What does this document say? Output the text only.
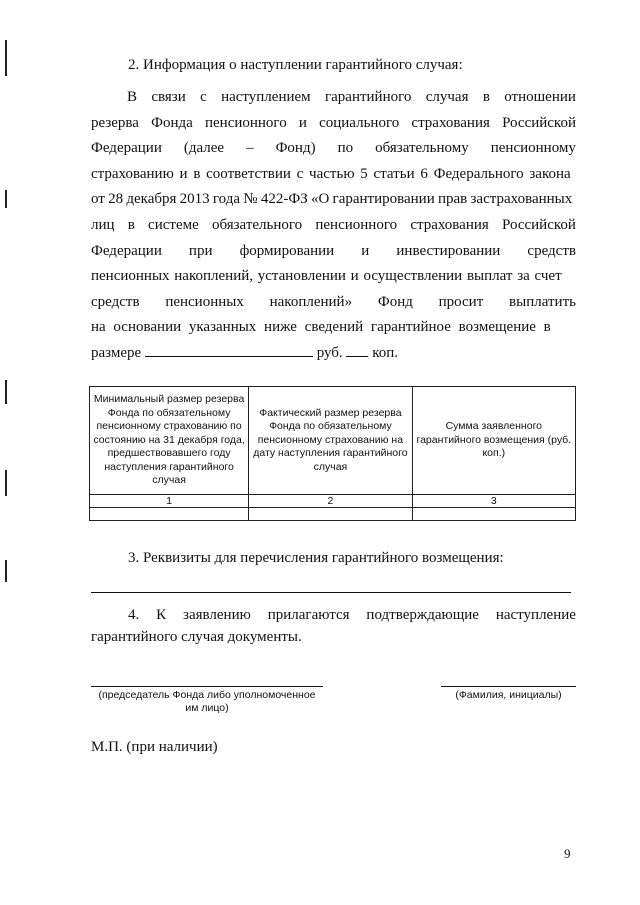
2. Информация о наступлении гарантийного случая:
В связи с наступлением гарантийного случая в отношении
резерва Фонда пенсионного и социального страхования Российской
Федерации (далее – Фонд) по обязательному пенсионному
страхованию и в соответствии с частью 5 статьи 6 Федерального закона
от 28 декабря 2013 года № 422-ФЗ «О гарантировании прав застрахованных
лиц в системе обязательного пенсионного страхования Российской
Федерации при формировании и инвестировании средств
пенсионных накоплений, установлении и осуществлении выплат за счет
средств пенсионных накоплений» Фонд просит выплатить
на основании указанных ниже сведений гарантийное возмещение в
размере	руб. коп.
Минимальный размер резерва Фонда по обязательному пенсионному страхованию по состоянию на 31 декабря года, предшествовавшего году наступления гарантийного случая	Фактический размер резерва Фонда по обязательному пенсионному страхованию на дату наступления гарантийного случая	Сумма заявленного гарантийного возмещения (руб. коп.)
1	2	3

3. Реквизиты для перечисления гарантийного возмещения:
4. К заявлению прилагаются подтверждающие наступление
гарантийного случая документы.
(председатель Фонда либо уполномоченное
им лицо)
(Фамилия, инициалы)
М.П. (при наличии)
9
